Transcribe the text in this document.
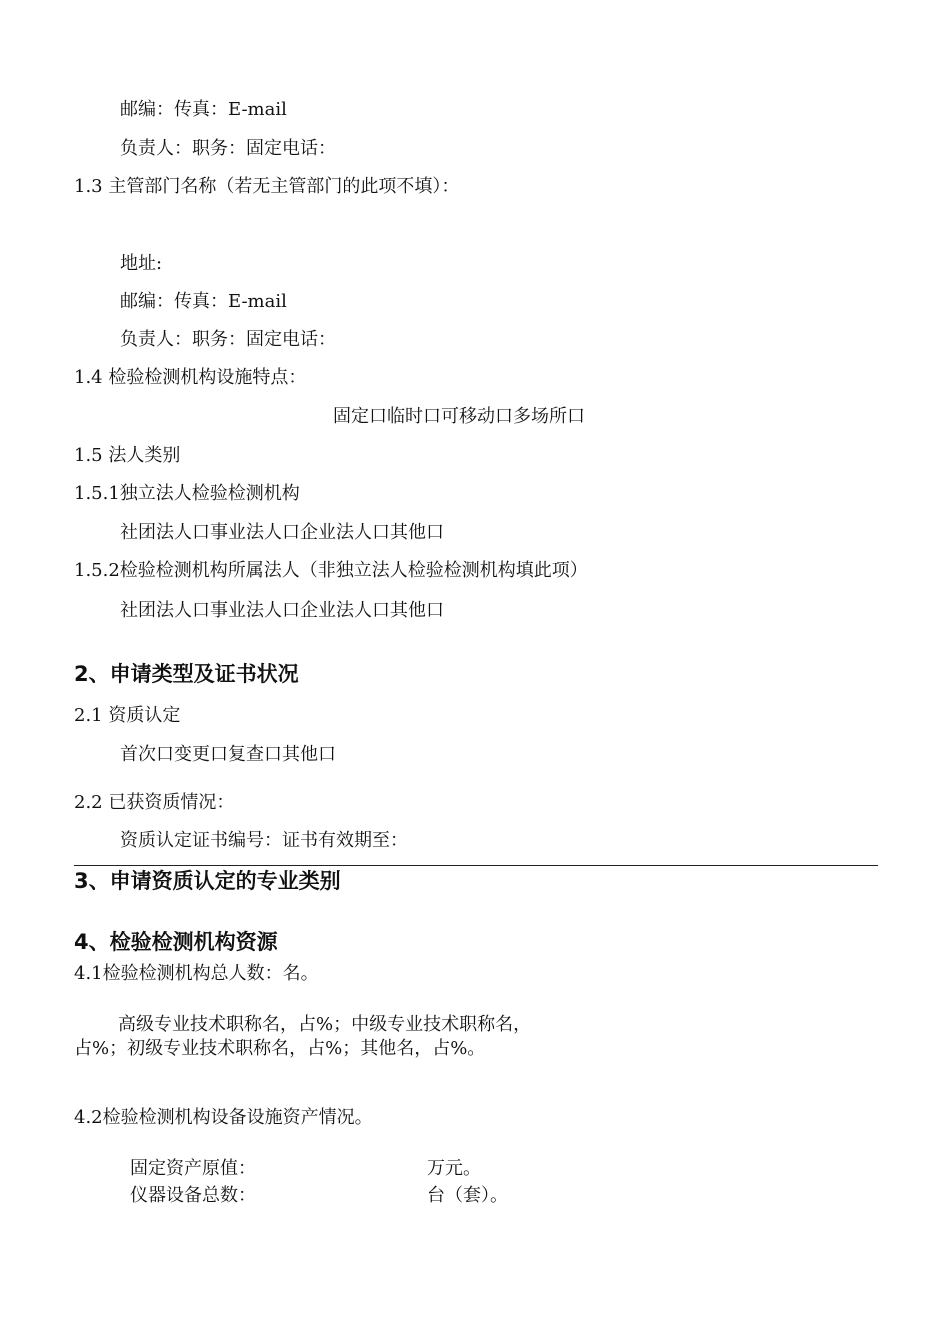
邮编：传真：E-mail
负责人：职务：固定电话：
1.3 主管部门名称（若无主管部门的此项不填）：
地址:
邮编：传真：E-mail
负责人：职务：固定电话：
1.4 检验检测机构设施特点：
固定口临时口可移动口多场所口
1.5 法人类别
1.5.1独立法人检验检测机构
社团法人口事业法人口企业法人口其他口
1.5.2检验检测机构所属法人（非独立法人检验检测机构填此项）
社团法人口事业法人口企业法人口其他口
2、申请类型及证书状况
2.1 资质认定
首次口变更口复查口其他口
2.2 已获资质情况：
资质认定证书编号：证书有效期至：
3、申请资质认定的专业类别
4、检验检测机构资源
4.1检验检测机构总人数：名。
高级专业技术职称名，占%；中级专业技术职称名，
占%；初级专业技术职称名，占%；其他名，占%。
4.2检验检测机构设备设施资产情况。
固定资产原值：	万元。
仪器设备总数：	台（套）。
